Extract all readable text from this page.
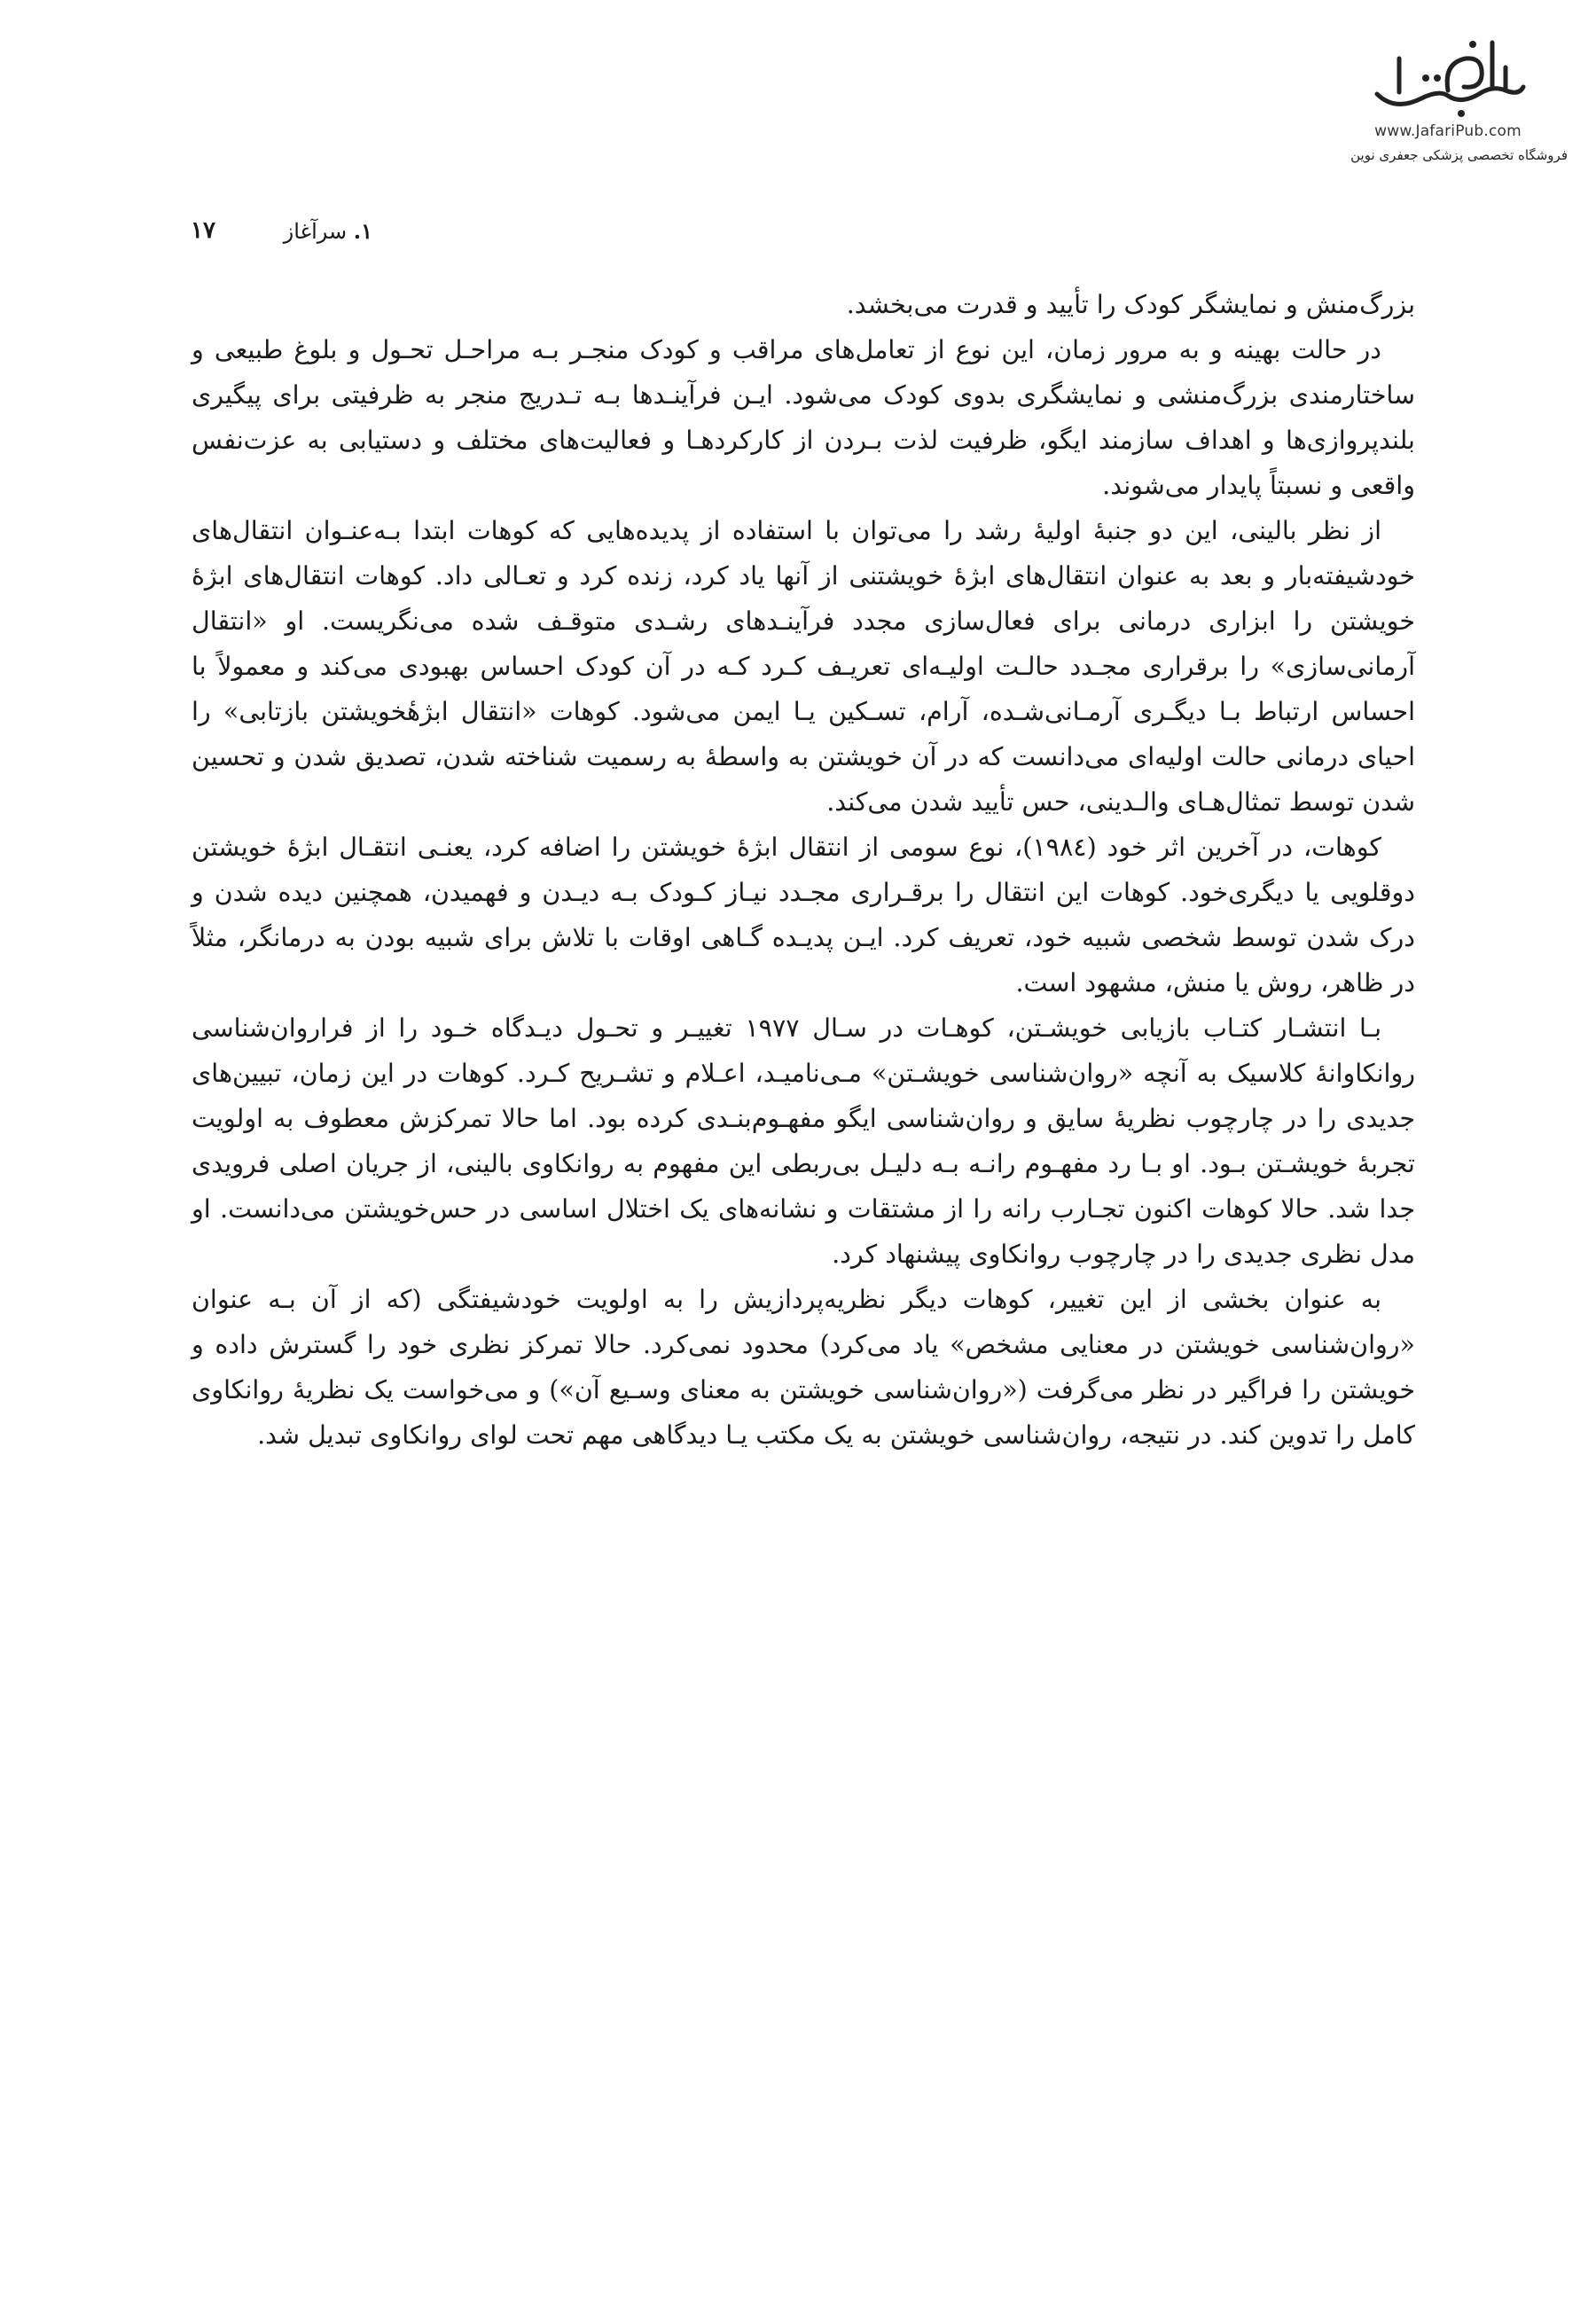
www.JafariPub.com
فروشگاه تخصصی پزشکی جعفری نوین
۱. سرآغاز
۱۷

بزرگ‌منش و نمایشگر کودک را تأیید و قدرت می‌بخشد.

در حالت بهینه و به مرور زمان، این نوع از تعامل‌های مراقب و کودک منجـر بـه مراحـل تحـول و بلوغ طبیعی و ساختارمندی بزرگ‌منشی و نمایشگری بدوی کودک می‌شود. ایـن فرآینـدها بـه تـدریج منجر به ظرفیتی برای پیگیری بلندپروازی‌ها و اهداف سازمند ایگو، ظرفیت لذت بـردن از کارکردهـا و فعالیت‌های مختلف و دستیابی به عزت‌نفس واقعی و نسبتاً پایدار می‌شوند.

از نظر بالینی، این دو جنبهٔ اولیهٔ رشد را می‌توان با استفاده از پدیده‌هایی که کوهات ابتدا بـه‌عنـوان انتقال‌های خودشیفته‌بار و بعد به عنوان انتقال‌های ابژهٔ خویشتنی از آنها یاد کرد، زنده کرد و تعـالی داد. کوهات انتقال‌های ابژهٔ خویشتن را ابزاری درمانی برای فعال‌سازی مجدد فرآینـدهای رشـدی متوقـف شده می‌نگریست. او «انتقال آرمانی‌سازی» را برقراری مجـدد حالـت اولیـه‌ای تعریـف کـرد کـه در آن کودک احساس بهبودی می‌کند و معمولاً با احساس ارتباط بـا دیگـری آرمـانی‌شـده، آرام، تسـکین یـا ایمن می‌شود. کوهات «انتقال ابژهٔخویشتن بازتابی» را احیای درمانی حالت اولیه‌ای می‌دانست که در آن خویشتن به واسطهٔ به رسمیت شناخته شدن، تصدیق شدن و تحسین شدن توسط تمثال‌هـای والـدینی، حس تأیید شدن می‌کند.

کوهات، در آخرین اثر خود (۱۹۸٤)، نوع سومی از انتقال ابژهٔ خویشتن را اضافه کرد، یعنـی انتقـال ابژهٔ خویشتن دوقلویی یا دیگری‌خود. کوهات این انتقال را برقـراری مجـدد نیـاز کـودک بـه دیـدن و فهمیدن، همچنین دیده شدن و درک شدن توسط شخصی شبیه خود، تعریف کرد. ایـن پدیـده گـاهی اوقات با تلاش برای شبیه بودن به درمانگر، مثلاً در ظاهر، روش یا منش، مشهود است.

بـا انتشـار کتـاب بازیابی خویشـتن، کوهـات در سـال ۱۹۷۷ تغییـر و تحـول دیـدگاه خـود را از فراروان‌شناسی روانکاوانهٔ کلاسیک به آنچه «روان‌شناسی خویشـتن» مـی‌نامیـد، اعـلام و تشـریح کـرد. کوهات در این زمان، تبیین‌های جدیدی را در چارچوب نظریهٔ سایق و روان‌شناسی ایگو مفهـوم‌بنـدی کرده بود. اما حالا تمرکزش معطوف به اولویت تجربهٔ خویشـتن بـود. او بـا رد مفهـوم رانـه بـه دلیـل بی‌ربطی این مفهوم به روانکاوی بالینی، از جریان اصلی فرویدی جدا شد. حالا کوهات اکنون تجـارب رانه را از مشتقات و نشانه‌های یک اختلال اساسی در حس‌خویشتن می‌دانست. او مدل نظری جدیدی را در چارچوب روانکاوی پیشنهاد کرد.

به عنوان بخشی از این تغییر، کوهات دیگر نظریه‌پردازیش را به اولویت خودشیفتگی (که از آن بـه عنوان «روان‌شناسی خویشتن در معنایی مشخص» یاد می‌کرد) محدود نمی‌کرد. حالا تمرکز نظری خود را گسترش داده و خویشتن را فراگیر در نظر می‌گرفت («روان‌شناسی خویشتن به معنای وسـیع آن») و می‌خواست یک نظریهٔ روانکاوی کامل را تدوین کند. در نتیجه، روان‌شناسی خویشتن به یک مکتب یـا دیدگاهی مهم تحت لوای روانکاوی تبدیل شد.
